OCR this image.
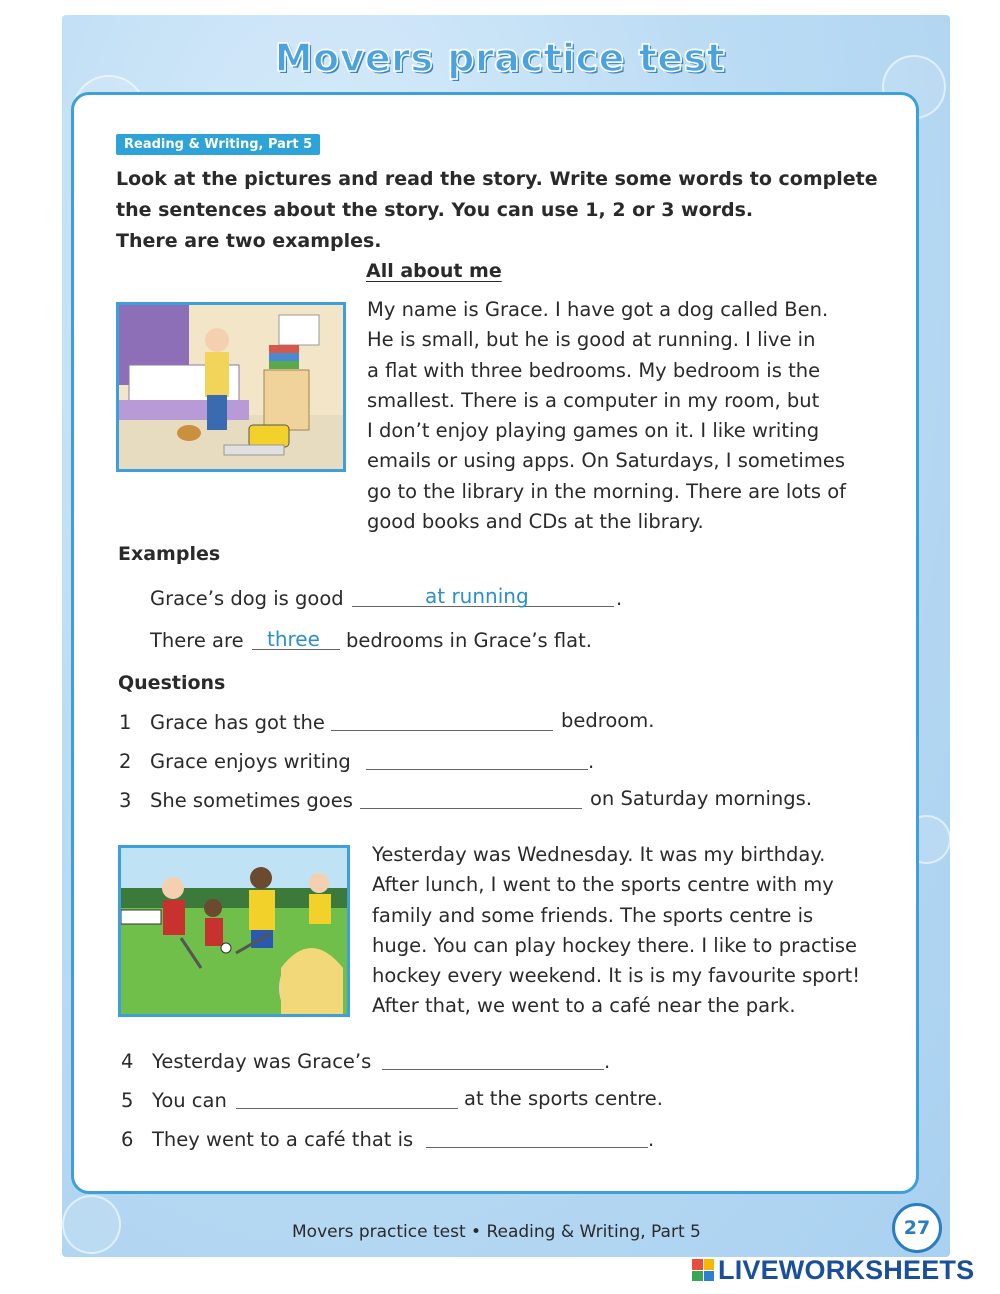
Movers practice test
Reading & Writing, Part 5
Look at the pictures and read the story. Write some words to complete
the sentences about the story. You can use 1, 2 or 3 words.
There are two examples.
All about me
My name is Grace. I have got a dog called Ben.
He is small, but he is good at running. I live in
a flat with three bedrooms. My bedroom is the
smallest. There is a computer in my room, but
I don’t enjoy playing games on it. I like writing
emails or using apps. On Saturdays, I sometimes
go to the library in the morning. There are lots of
good books and CDs at the library.
Examples
Grace’s dog is good	at running	.
There are three bedrooms in Grace’s flat.
Questions
1 Grace has got the	bedroom.
2 Grace enjoys writing	.
3 She sometimes goes	on Saturday mornings.
Yesterday was Wednesday. It was my birthday.
After lunch, I went to the sports centre with my
family and some friends. The sports centre is
huge. You can play hockey there. I like to practise
hockey every weekend. It is is my favourite sport!
After that, we went to a café near the park.
4 Yesterday was Grace’s	.
5 You can	at the sports centre.
6 They went to a café that is	.
Movers practice test • Reading & Writing, Part 5	27
LIVEWORKSHEETS
